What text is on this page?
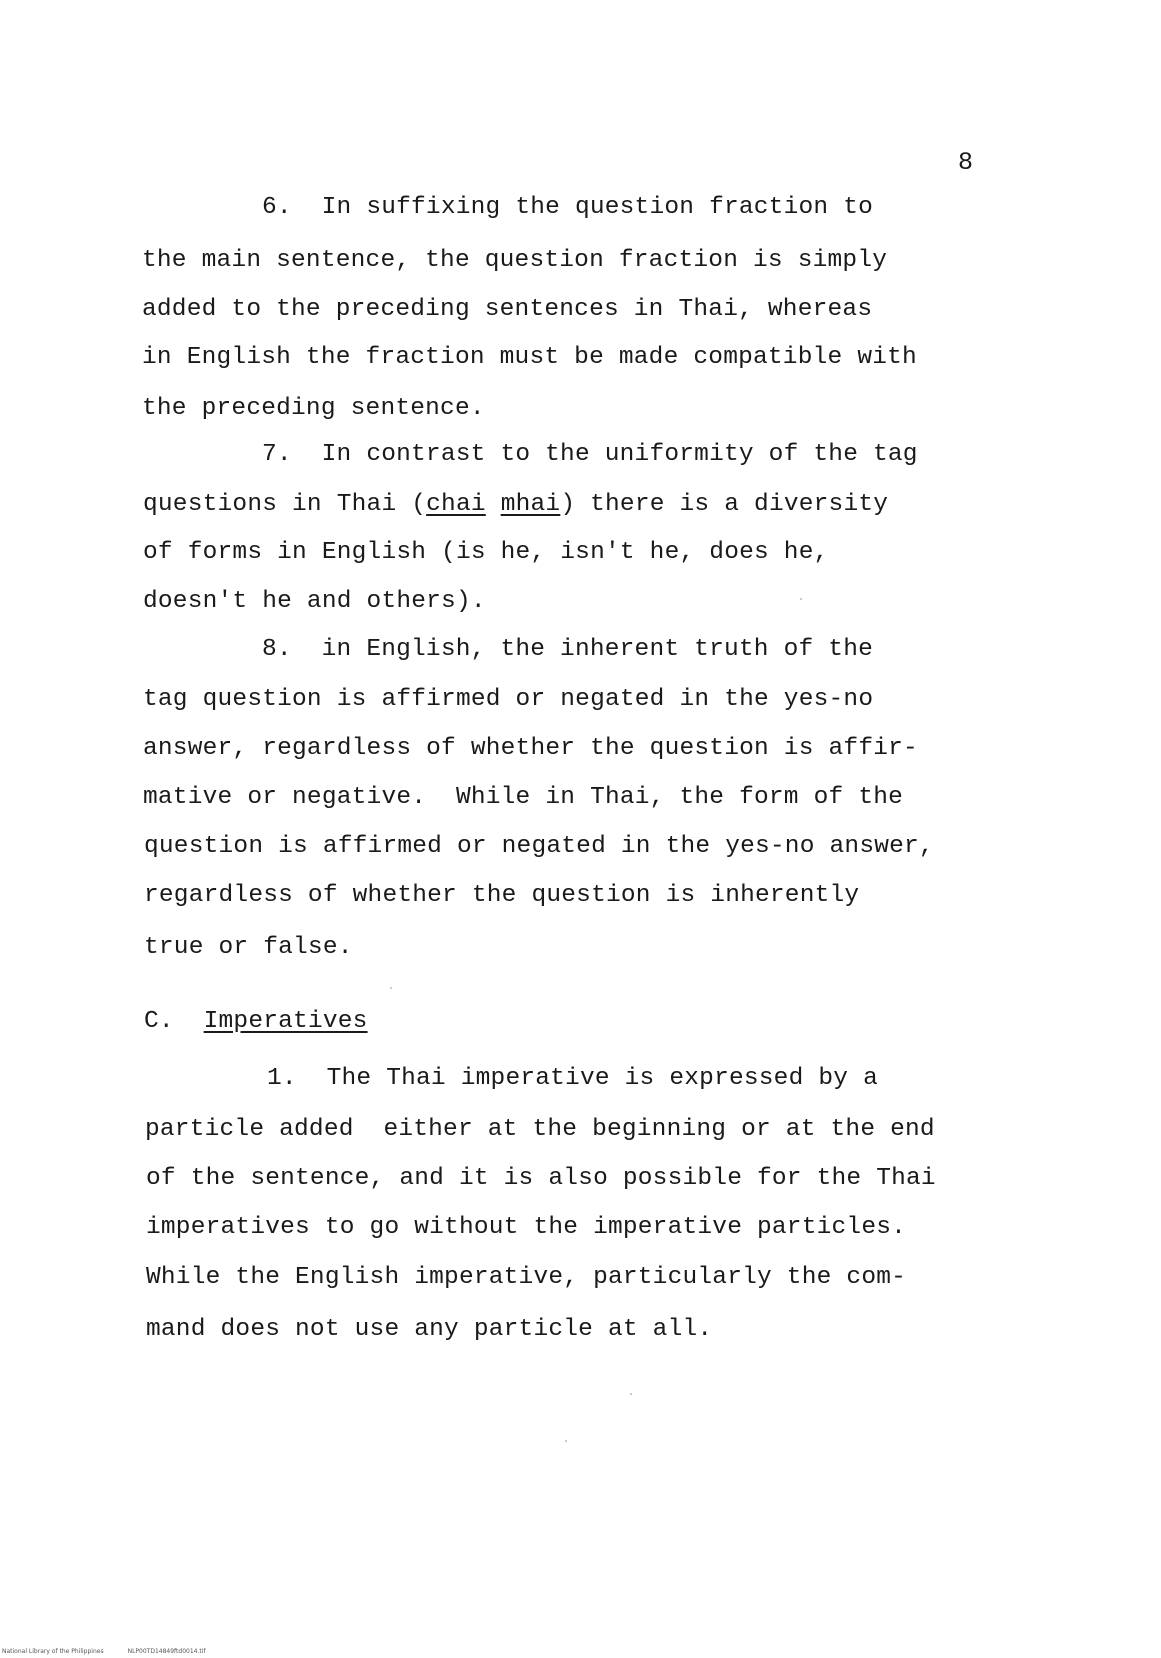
8
6.  In suffixing the question fraction to
the main sentence, the question fraction is simply
added to the preceding sentences in Thai, whereas
in English the fraction must be made compatible with
the preceding sentence.
7.  In contrast to the uniformity of the tag
questions in Thai (chai mhai) there is a diversity
of forms in English (is he, isn't he, does he,
doesn't he and others).
8.  in English, the inherent truth of the
tag question is affirmed or negated in the yes-no
answer, regardless of whether the question is affir-
mative or negative.  While in Thai, the form of the
question is affirmed or negated in the yes-no answer,
regardless of whether the question is inherently
true or false.
C. Imperatives
1.  The Thai imperative is expressed by a
particle added  either at the beginning or at the end
of the sentence, and it is also possible for the Thai
imperatives to go without the imperative particles.
While the English imperative, particularly the com-
mand does not use any particle at all.
National Library of the Philippines	NLP00TD14849ftd0014.tif
